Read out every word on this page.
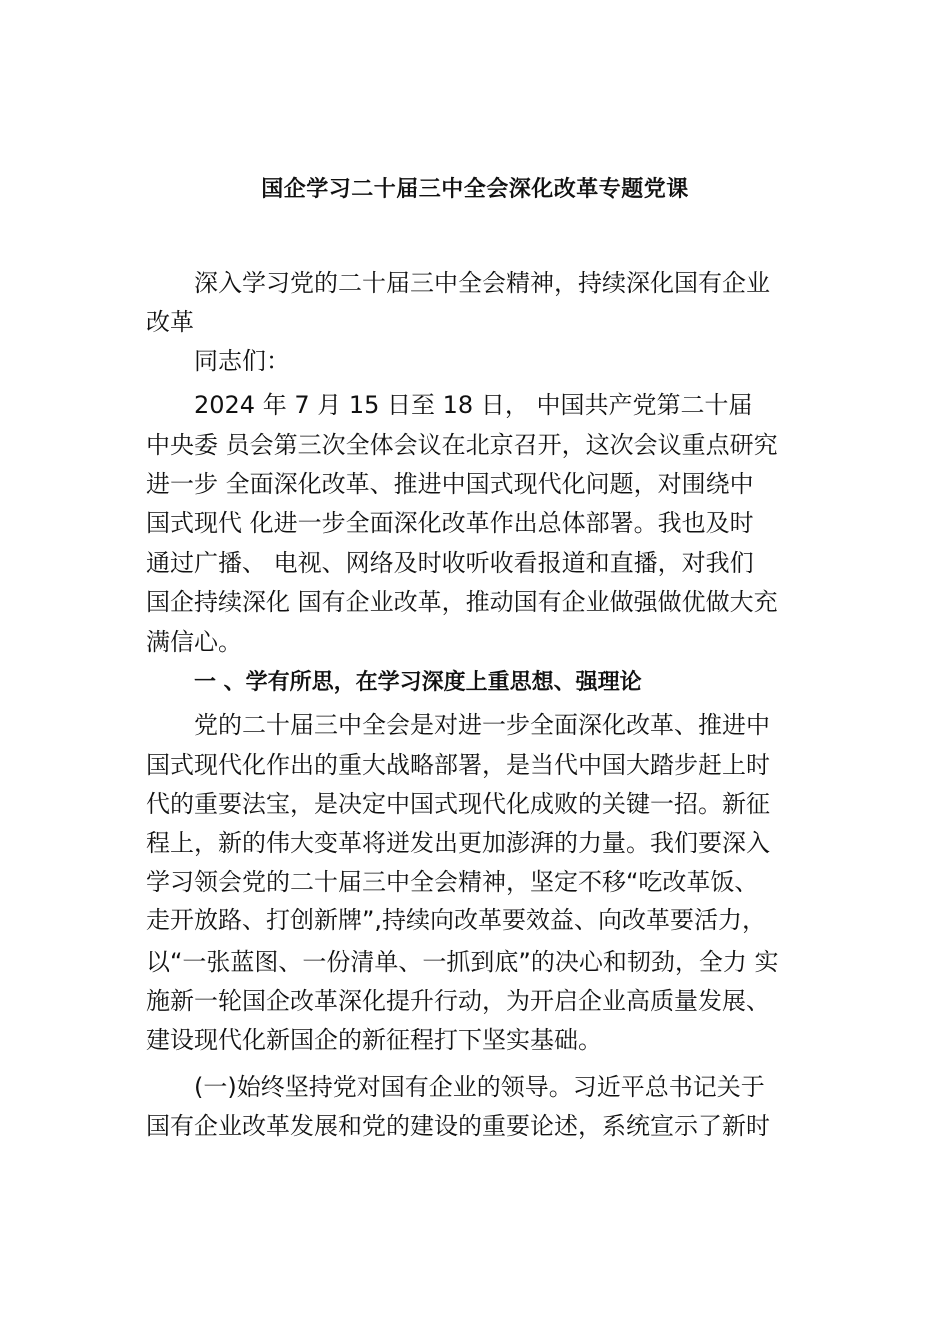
国企学习二十届三中全会深化改革专题党课
深入学习党的二十届三中全会精神，持续深化国有企业
改革
同志们：
2024 年 7 月 15 日至 18 日， 中国共产党第二十届
中央委 员会第三次全体会议在北京召开，这次会议重点研究
进一步 全面深化改革、推进中国式现代化问题，对围绕中
国式现代 化进一步全面深化改革作出总体部署。我也及时
通过广播、 电视、网络及时收听收看报道和直播，对我们
国企持续深化 国有企业改革，推动国有企业做强做优做大充
满信心。
一 、学有所思，在学习深度上重思想、强理论
党的二十届三中全会是对进一步全面深化改革、推进中
国式现代化作出的重大战略部署，是当代中国大踏步赶上时
代的重要法宝，是决定中国式现代化成败的关键一招。新征
程上，新的伟大变革将迸发出更加澎湃的力量。我们要深入
学习领会党的二十届三中全会精神，坚定不移“吃改革饭、
走开放路、打创新牌”,持续向改革要效益、向改革要活力，
以“一张蓝图、一份清单、一抓到底”的决心和韧劲，全力 实
施新一轮国企改革深化提升行动，为开启企业高质量发展、
建设现代化新国企的新征程打下坚实基础。
(一)始终坚持党对国有企业的领导。习近平总书记关于
国有企业改革发展和党的建设的重要论述，系统宣示了新时
